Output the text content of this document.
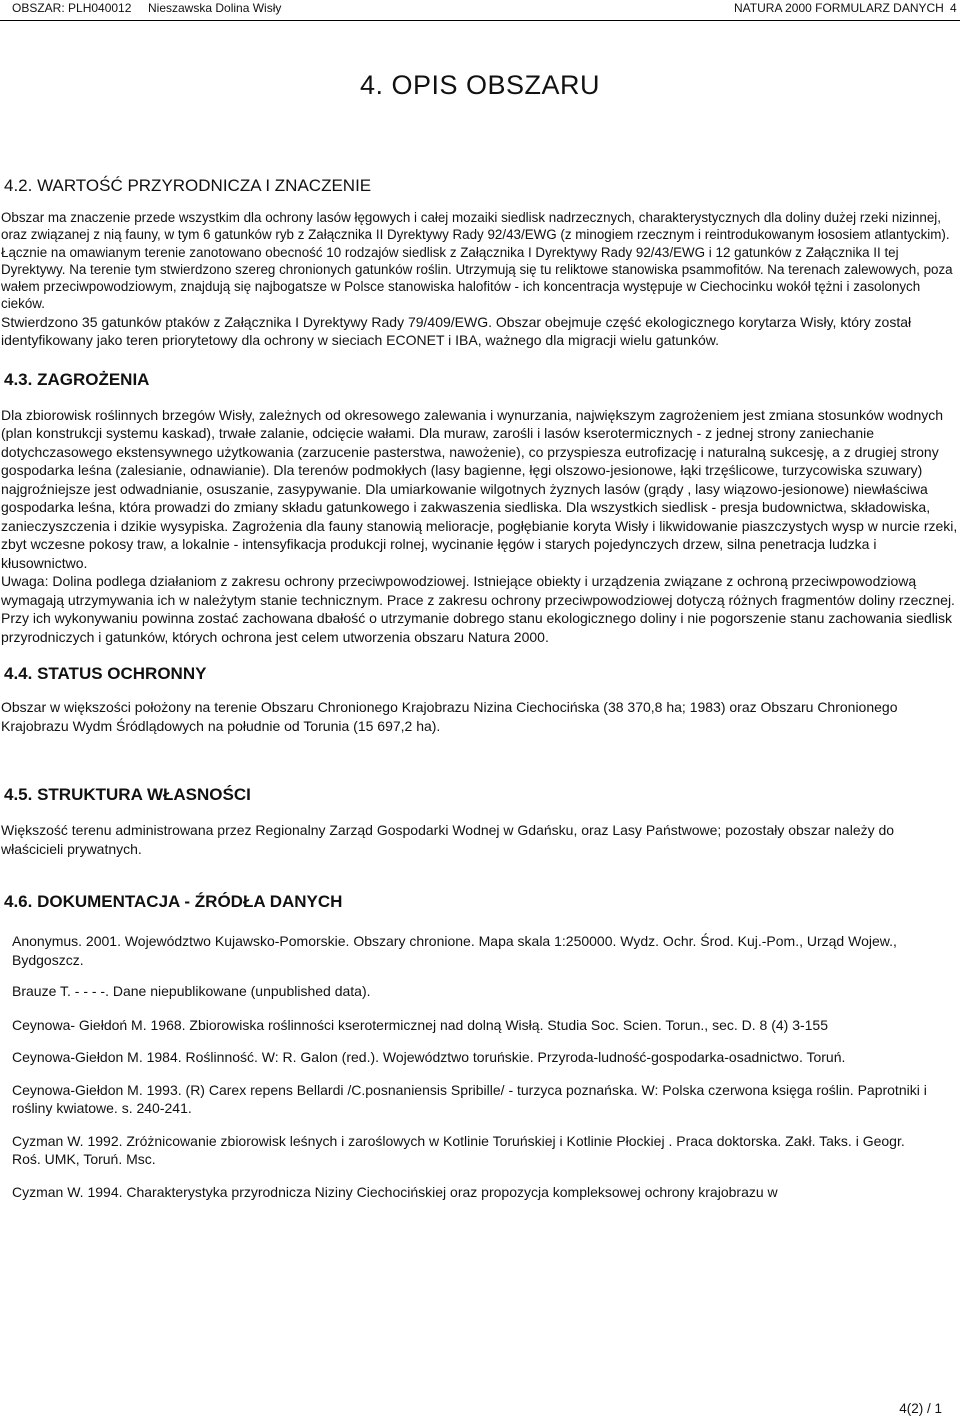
OBSZAR: PLH040012 Nieszawska Dolina Wisły	NATURA 2000 FORMULARZ DANYCH 4
4. OPIS OBSZARU
4.2. WARTOŚĆ PRZYRODNICZA I ZNACZENIE

Obszar ma znaczenie przede wszystkim dla ochrony lasów łęgowych i całej mozaiki siedlisk nadrzecznych, charakterystycznych dla doliny dużej rzeki nizinnej, oraz związanej z nią fauny, w tym 6 gatunków ryb z Załącznika II Dyrektywy Rady 92/43/EWG (z minogiem rzecznym i reintrodukowanym łososiem atlantyckim). Łącznie na omawianym terenie zanotowano obecność 10 rodzajów siedlisk z Załącznika I Dyrektywy Rady 92/43/EWG i 12 gatunków z Załącznika II tej Dyrektywy. Na terenie tym stwierdzono szereg chronionych gatunków roślin. Utrzymują się tu reliktowe stanowiska psammofitów. Na terenach zalewowych, poza wałem przeciwpowodziowym, znajdują się najbogatsze w Polsce stanowiska halofitów - ich koncentracja występuje w Ciechocinku wokół tężni i zasolonych cieków.

Stwierdzono 35 gatunków ptaków z Załącznika I Dyrektywy Rady 79/409/EWG. Obszar obejmuje część ekologicznego korytarza Wisły, który został identyfikowany jako teren priorytetowy dla ochrony w sieciach ECONET i IBA, ważnego dla migracji wielu gatunków.

4.3. ZAGROŻENIA

Dla zbiorowisk roślinnych brzegów Wisły, zależnych od okresowego zalewania i wynurzania, największym zagrożeniem jest zmiana stosunków wodnych (plan konstrukcji systemu kaskad), trwałe zalanie, odcięcie wałami. Dla muraw, zarośli i lasów kserotermicznych - z jednej strony zaniechanie dotychczasowego ekstensywnego użytkowania (zarzucenie pasterstwa, nawożenie), co przyspiesza eutrofizację i naturalną sukcesję, a z drugiej strony gospodarka leśna (zalesianie, odnawianie). Dla terenów podmokłych (lasy bagienne, łęgi olszowo-jesionowe, łąki trzęślicowe, turzycowiska szuwary) najgroźniejsze jest odwadnianie, osuszanie, zasypywanie. Dla umiarkowanie wilgotnych żyznych lasów (grądy , lasy wiązowo-jesionowe) niewłaściwa gospodarka leśna, która prowadzi do zmiany składu gatunkowego i zakwaszenia siedliska. Dla wszystkich siedlisk - presja budownictwa, składowiska, zanieczyszczenia i dzikie wysypiska. Zagrożenia dla fauny stanowią melioracje, pogłębianie koryta Wisły i likwidowanie piaszczystych wysp w nurcie rzeki, zbyt wczesne pokosy traw, a lokalnie - intensyfikacja produkcji rolnej, wycinanie łęgów i starych pojedynczych drzew, silna penetracja ludzka i kłusownictwo.

Uwaga: Dolina podlega działaniom z zakresu ochrony przeciwpowodziowej. Istniejące obiekty i urządzenia związane z ochroną przeciwpowodziową wymagają utrzymywania ich w należytym stanie technicznym. Prace z zakresu ochrony przeciwpowodziowej dotyczą różnych fragmentów doliny rzecznej. Przy ich wykonywaniu powinna zostać zachowana dbałość o utrzymanie dobrego stanu ekologicznego doliny i nie pogorszenie stanu zachowania siedlisk przyrodniczych i gatunków, których ochrona jest celem utworzenia obszaru Natura 2000.

4.4. STATUS OCHRONNY

Obszar w większości położony na terenie Obszaru Chronionego Krajobrazu Nizina Ciechocińska (38 370,8 ha; 1983) oraz Obszaru Chronionego Krajobrazu Wydm Śródlądowych na południe od Torunia (15 697,2 ha).

4.5. STRUKTURA WŁASNOŚCI

Większość terenu administrowana przez Regionalny Zarząd Gospodarki Wodnej w Gdańsku, oraz Lasy Państwowe; pozostały obszar należy do właścicieli prywatnych.

4.6. DOKUMENTACJA - ŹRÓDŁA DANYCH
Anonymus. 2001. Województwo Kujawsko-Pomorskie. Obszary chronione. Mapa skala 1:250000. Wydz. Ochr. Środ. Kuj.-Pom., Urząd Wojew., Bydgoszcz.
Brauze T. - - - -. Dane niepublikowane (unpublished data).
Ceynowa- Giełdoń M. 1968. Zbiorowiska roślinności kserotermicznej nad dolną Wisłą. Studia Soc. Scien. Torun., sec. D. 8 (4) 3-155
Ceynowa-Giełdon M. 1984. Roślinność. W: R. Galon (red.). Województwo toruńskie. Przyroda-ludność-gospodarka-osadnictwo. Toruń.
Ceynowa-Giełdon M. 1993. (R) Carex repens Bellardi /C.posnaniensis Spribille/ - turzyca poznańska. W: Polska czerwona księga roślin. Paprotniki i rośliny kwiatowe. s. 240-241.
Cyzman W. 1992. Zróżnicowanie zbiorowisk leśnych i zaroślowych w Kotlinie Toruńskiej i Kotlinie Płockiej . Praca doktorska. Zakł. Taks. i Geogr. Roś. UMK, Toruń. Msc.
Cyzman W. 1994. Charakterystyka przyrodnicza Niziny Ciechocińskiej oraz propozycja kompleksowej ochrony krajobrazu w
4(2) / 1
